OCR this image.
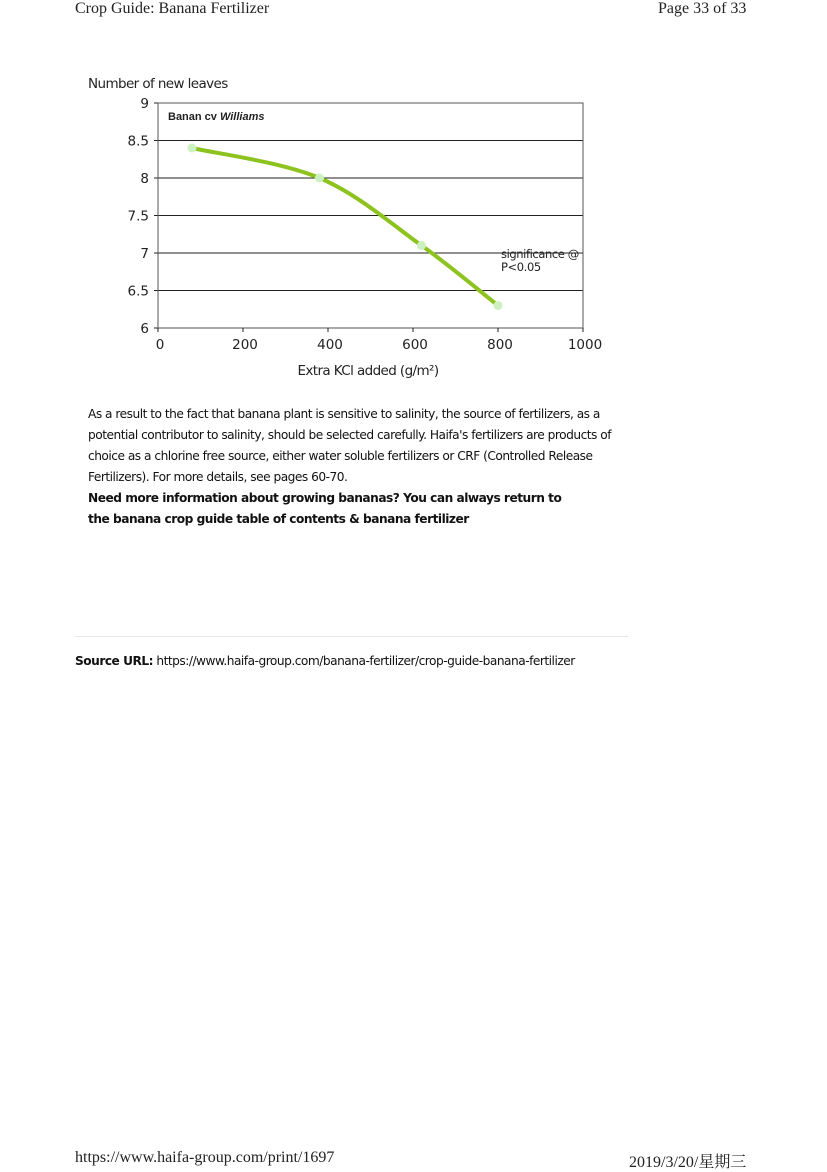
Crop Guide: Banana Fertilizer	Page 33 of 33
6
6.5
7
7.5
8
8.5
9
0	200	400	600	800	1000
Number of new leaves
Extra KCl added (g/m²)
Banan cv Williams
significance @
P<0.05

As a result to the fact that banana plant is sensitive to salinity, the source of fertilizers, as a potential contributor to salinity, should be selected carefully. Haifa's fertilizers are products of choice as a chlorine free source, either water soluble fertilizers or CRF (Controlled Release Fertilizers). For more details, see pages 60-70.

Need more information about growing bananas? You can always return to

the banana crop guide table of contents & banana fertilizer

Source URL: https://www.haifa-group.com/banana-fertilizer/crop-guide-banana-fertilizer
https://www.haifa-group.com/print/1697	2019/3/20/星期三
